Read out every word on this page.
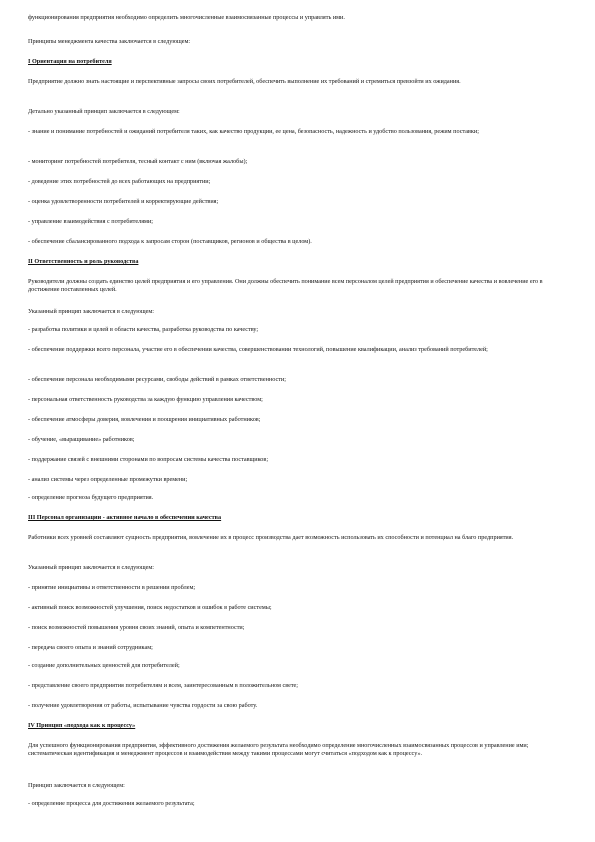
функционирования предприятия необходимо определить многочисленные взаимосвязанные процессы и управлять ими.

Принципы менеджмента качества заключается в следующем:

I Ориентация на потребителя

Предприятие должно знать настоящие и перспективные запросы своих потребителей, обеспечить выполнение их требований и стремиться превзойти их ожидания.

Детально указанный принцип заключается в следующем:

- знание и понимание потребностей и ожиданий потребителя таких, как качество продукции, ее цена, безопасность, надежность и удобство пользования, режим поставки;

- мониторинг потребностей потребителя, тесный контакт с ним (включая жалобы);

- доведение этих потребностей до всех работающих на предприятии;

- оценка удовлетворенности потребителей и корректирующие действия;

- управление взаимодействия с потребителями;

- обеспечение сбалансированного подхода к запросам сторон (поставщиков, регионов и общества в целом).

II Ответственность и роль руководства

Руководители должны создать единство целей предприятия и его управления. Они должны обеспечить понимание всем персоналом целей предприятия и обеспечение качества и вовлечение его в достижение поставленных целей.

Указанный принцип заключается в следующем:

- разработка политики и целей в области качества, разработка руководства по качеству;

- обеспечение поддержки всего персонала, участие его в обеспечении качества, совершенствовании технологий, повышение квалификации, анализ требований потребителей;

- обеспечение персонала необходимыми ресурсами, свободы действий в рамках ответственности;

- персональная ответственность руководства за каждую функцию управления качеством;

- обеспечение атмосферы доверия, вовлечения и поощрения инициативных работников;

- обучение, «выращивание» работников;

- поддержание связей с внешними сторонами по вопросам системы качества поставщиков;

- анализ системы через определенные промежутки времени;

- определение прогноза будущего предприятия.

III Персонал организации - активное начало в обеспечении качества

Работники всех уровней составляют сущность предприятия, вовлечение их в процесс производства дает возможность использовать их способности и потенциал на благо предприятия.

Указанный принцип заключается в следующем:

- принятие инициативы и ответственности в решении проблем;

- активный поиск возможностей улучшения, поиск недостатков и ошибок в работе системы;

- поиск возможностей повышения уровня своих знаний, опыта и компетентности;

- передача своего опыта и знаний сотрудникам;

- создание дополнительных ценностей для потребителей;

- представление своего предприятия потребителям и всем, заинтересованным в положительном свете;

- получение удовлетворения от работы, испытывание чувства гордости за свою работу.

IV Принцип «подхода как к процессу»

Для успешного функционирования предприятия, эффективного достижения желаемого результата необходимо определение многочисленных взаимосвязанных процессов и управление ими; систематическая идентификация и менеджмент процессов и взаимодействия между такими процессами могут считаться «подходом как к процессу».

Принцип заключается в следующем:

- определение процесса для достижения желаемого результата;
